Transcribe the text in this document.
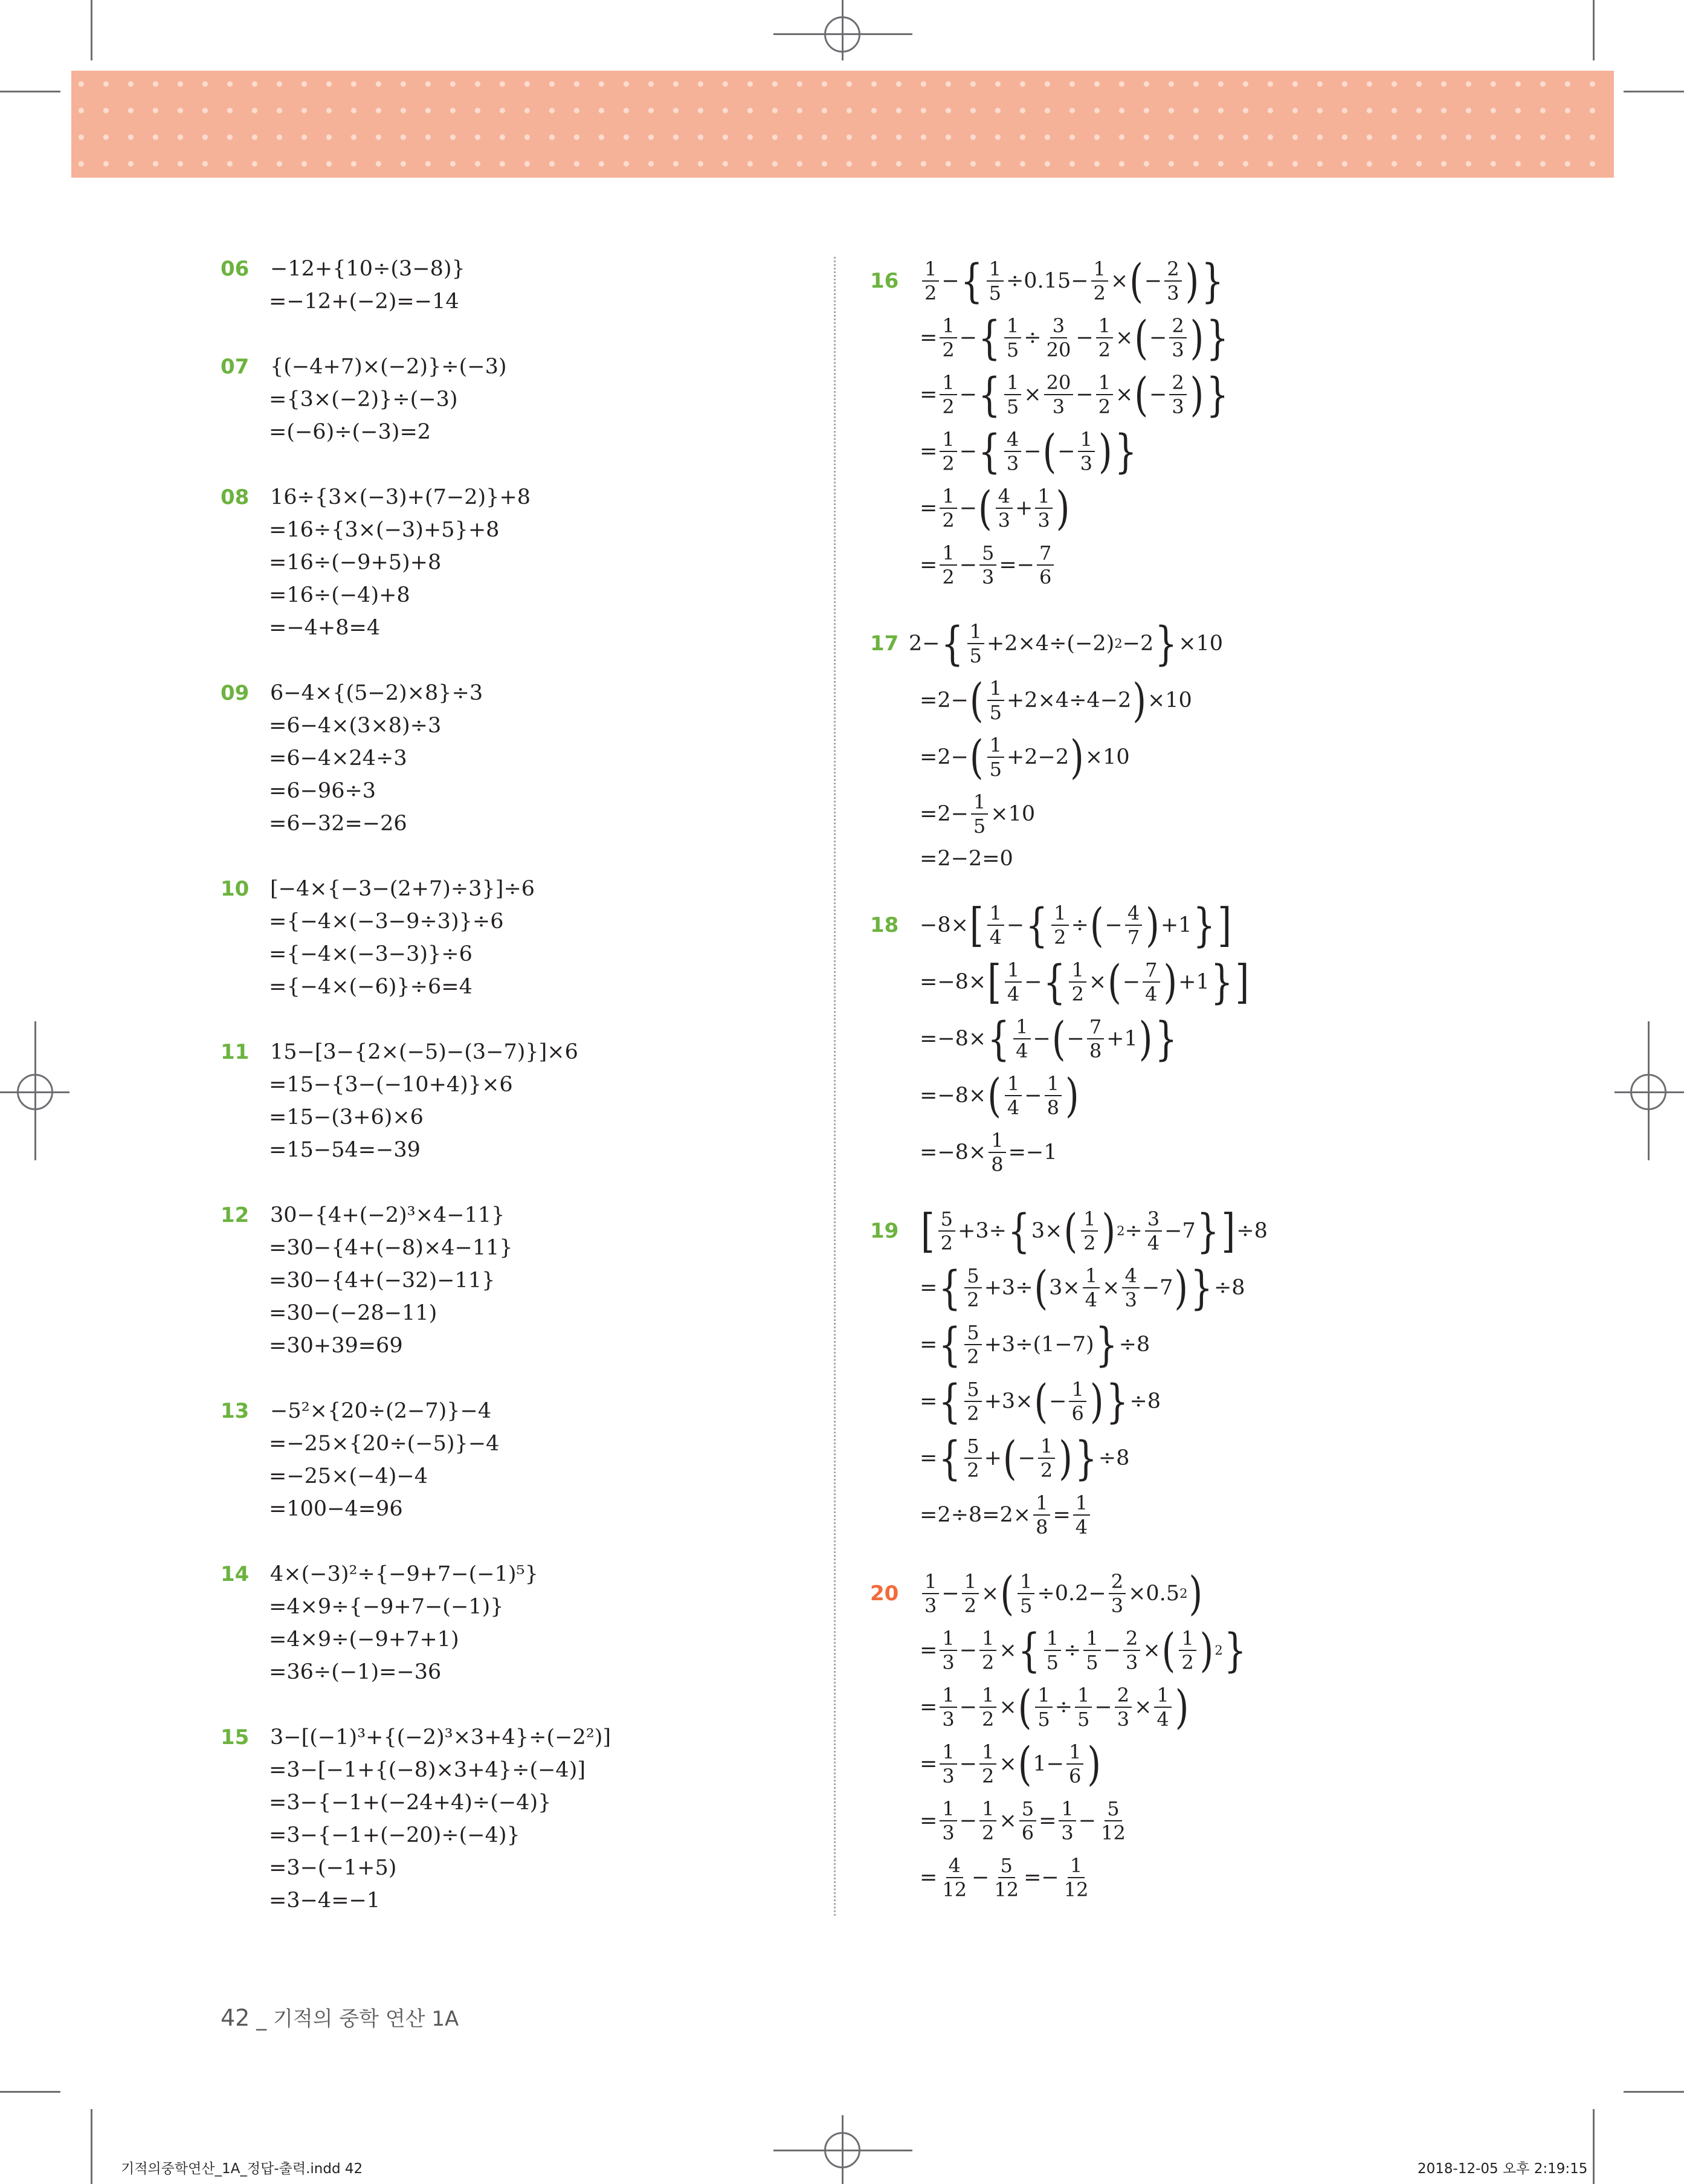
06 −12+{10÷(3−8)}
=−12+(−2)=−14
07 {(−4+7)×(−2)}÷(−3)
={3×(−2)}÷(−3)
=(−6)÷(−3)=2
08 16÷{3×(−3)+(7−2)}+8
=16÷{3×(−3)+5}+8
=16÷(−9+5)+8
=16÷(−4)+8
=−4+8=4
09 6−4×{(5−2)×8}÷3
=6−4×(3×8)÷3
=6−4×24÷3
=6−96÷3
=6−32=−26
10 [−4×{−3−(2+7)÷3}]÷6
={−4×(−3−9÷3)}÷6
={−4×(−3−3)}÷6
={−4×(−6)}÷6=4
11 15−[3−{2×(−5)−(3−7)}]×6
=15−{3−(−10+4)}×6
=15−(3+6)×6
=15−54=−39
12 30−{4+(−2)³×4−11}
=30−{4+(−8)×4−11}
=30−{4+(−32)−11}
=30−(−28−11)
=30+39=69
13 −5²×{20÷(2−7)}−4
=−25×{20÷(−5)}−4
=−25×(−4)−4
=100−4=96
14 4×(−3)²÷{−9+7−(−1)⁵}
=4×9÷{−9+7−(−1)}
=4×9÷(−9+7+1)
=36÷(−1)=−36
15 3−[(−1)³+{(−2)³×3+4}÷(−2²)]
=3−[−1+{(−8)×3+4}÷(−4)]
=3−{−1+(−24+4)÷(−4)}
=3−{−1+(−20)÷(−4)}
=3−(−1+5)
=3−4=−1
$16 \frac{1}{2}$ − { $\frac{1}{5} \div 0.15- \frac{1}{2}$ × ( − $\frac{2}{3}$ ) }
= $\frac{1}{2}$ − { $\frac{1}{5} \div \frac{3}{20} - \frac{1}{2}$ × ( − $\frac{2}{3}$ ) }
= $\frac{1}{2}$ − { $\frac{1}{5} \times \frac{20}{3} - \frac{1}{2}$ × ( − $\frac{2}{3}$ ) }
= $\frac{1}{2}$ − { $\frac{4}{3}$ − ( − $\frac{1}{3}$ ) }
= $\frac{1}{2}$ − ( $\frac{4}{3} + \frac{1}{3}$ )
= $\frac{1}{2} - \frac{5}{3} =- \frac{7}{6}$
17 2− { $\frac{1}{5} +2\times 4\div(-2)$ 2 −2 } ×10
=2− ( $\frac{1}{5} +2\times 4\div 4-2$ ) ×10
=2− ( $\frac{1}{5} +2-2$ ) ×10
$=2- \frac{1}{5} \times 10$
=2−2=0
18 −8× [ $\frac{1}{4}$ − { $\frac{1}{2}$ ÷ ( − $\frac{4}{7}$ ) +1 } ]
=−8× [ $\frac{1}{4}$ − { $\frac{1}{2}$ × ( − $\frac{7}{4}$ ) +1 } ]
=−8× { $\frac{1}{4}$ − ( − $\frac{7}{8} +1$ ) }
=−8× ( $\frac{1}{4} - \frac{1}{8}$ )
$=-8\times \frac{1}{8} =-1$
19 [ $\frac{5}{2} +3\div$ { 3× ( $\frac{1}{2}$ ) $2 \div \frac{3}{4} -7$ } ] ÷8
= { $\frac{5}{2} +3\div$ ( $3\times \frac{1}{4} \times \frac{4}{3} -7$ ) } ÷8
= { $\frac{5}{2} +3\div(1-7)$ } ÷8
= { $\frac{5}{2} +3\times$ ( − $\frac{1}{6}$ ) } ÷8
= { $\frac{5}{2}$ + ( − $\frac{1}{2}$ ) } ÷8
$=2\div 8=2\times \frac{1}{8} = \frac{1}{4}$
$20 \frac{1}{3} - \frac{1}{2}$ × ( $\frac{1}{5} \div 0.2- \frac{2}{3} \times 0.5$ 2 )
= $\frac{1}{3} - \frac{1}{2}$ × { $\frac{1}{5} \div \frac{1}{5} - \frac{2}{3}$ × ( $\frac{1}{2}$ ) 2 }
= $\frac{1}{3} - \frac{1}{2}$ × ( $\frac{1}{5} \div \frac{1}{5} - \frac{2}{3} \times \frac{1}{4}$ )
= $\frac{1}{3} - \frac{1}{2}$ × ( $1- \frac{1}{6}$ )
= $\frac{1}{3} - \frac{1}{2} \times \frac{5}{6} = \frac{1}{3} - \frac{5}{12}$
= $\frac{4}{12} - \frac{5}{12} =- \frac{1}{12}$
42 _ 기적의 중학 연산 1A
기적의중학연산_1A_정답-출력.indd 42	2018-12-05 오후 2:19:15
